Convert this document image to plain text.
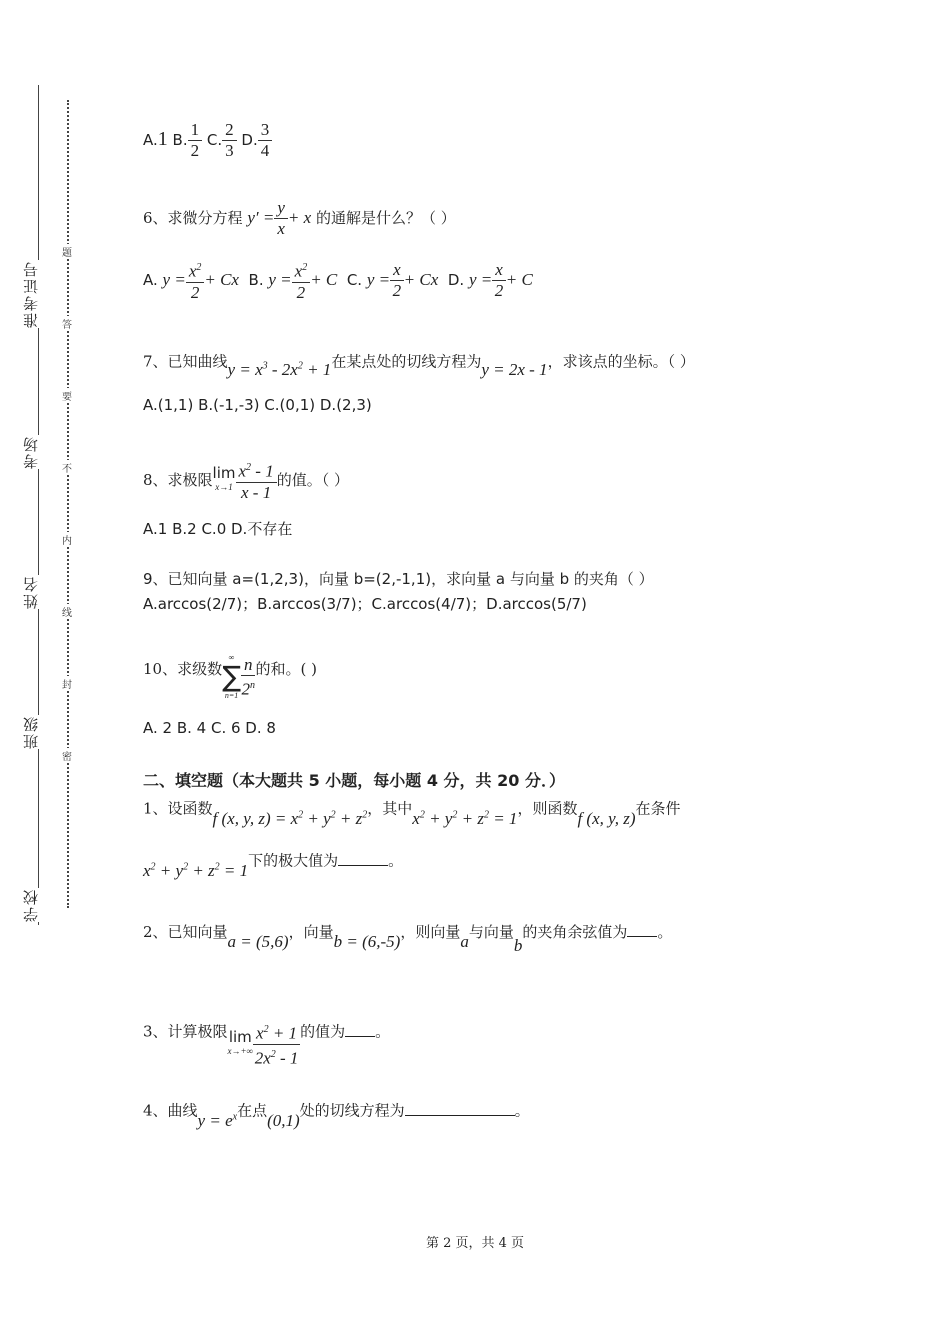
准考证号
考场
姓名
班级
学校
题
答
要
不
内
线
封
密
A.1 B. $\frac{1}{2} C$. $\frac{2}{3} D$. $\frac{3}{4}$
6、求微分方程 $y' = \frac{y}{x} + x$ 的通解是什么？（ ）
A. $y = \frac{x^2}{2} + Cx$ B. $y = \frac{x^2}{2} + C$ C. $y = \frac{x}{2} + Cx$ D. $y = \frac{x}{2} + C$
7、已知曲线$y = x^3 - 2x^2 + 1$在某点处的切线方程为y = 2x - 1，求该点的坐标。（ ）
A.(1,1) B.(-1,-3) C.(0,1) D.(2,3)
8、求极限lim
$x\to 1 \frac{x^2 - 1}{x - 1}$ 的值。（ ）
A.1 B.2 C.0 D.不存在
9、已知向量 a=(1,2,3)，向量 b=(2,-1,1)，求向量 a 与向量 b 的夹角（ ）
A.arccos(2/7)；B.arccos(3/7)；C.arccos(4/7)；D.arccos(5/7)
10、求级数
∞
∑
$n=1 \frac{n}{2^n}$ 的和。( )
A. 2 B. 4 C. 6 D. 8
二、填空题（本大题共 5 小题，每小题 4 分，共 20 分．）
1、设函数f (x, y, $z) = x^2 + y^2 + z^2$，其中$x^2 + y^2 + z^2 = 1$，则函数f (x, y, z)在条件
$x^2 + y^2 + z^2 = 1$下的极大值为	。
2、已知向量a = (5,6)，向量b = (6,-5)，则向量a与向量b的夹角余弦值为 。
3、计算极限lim
$x\to+\infty \frac{x^2 + 1}{2x^2 - 1}$ 的值为 。
4、曲线$y = e^x$在点(0,1)处的切线方程为	。
第 2 页，共 4 页
